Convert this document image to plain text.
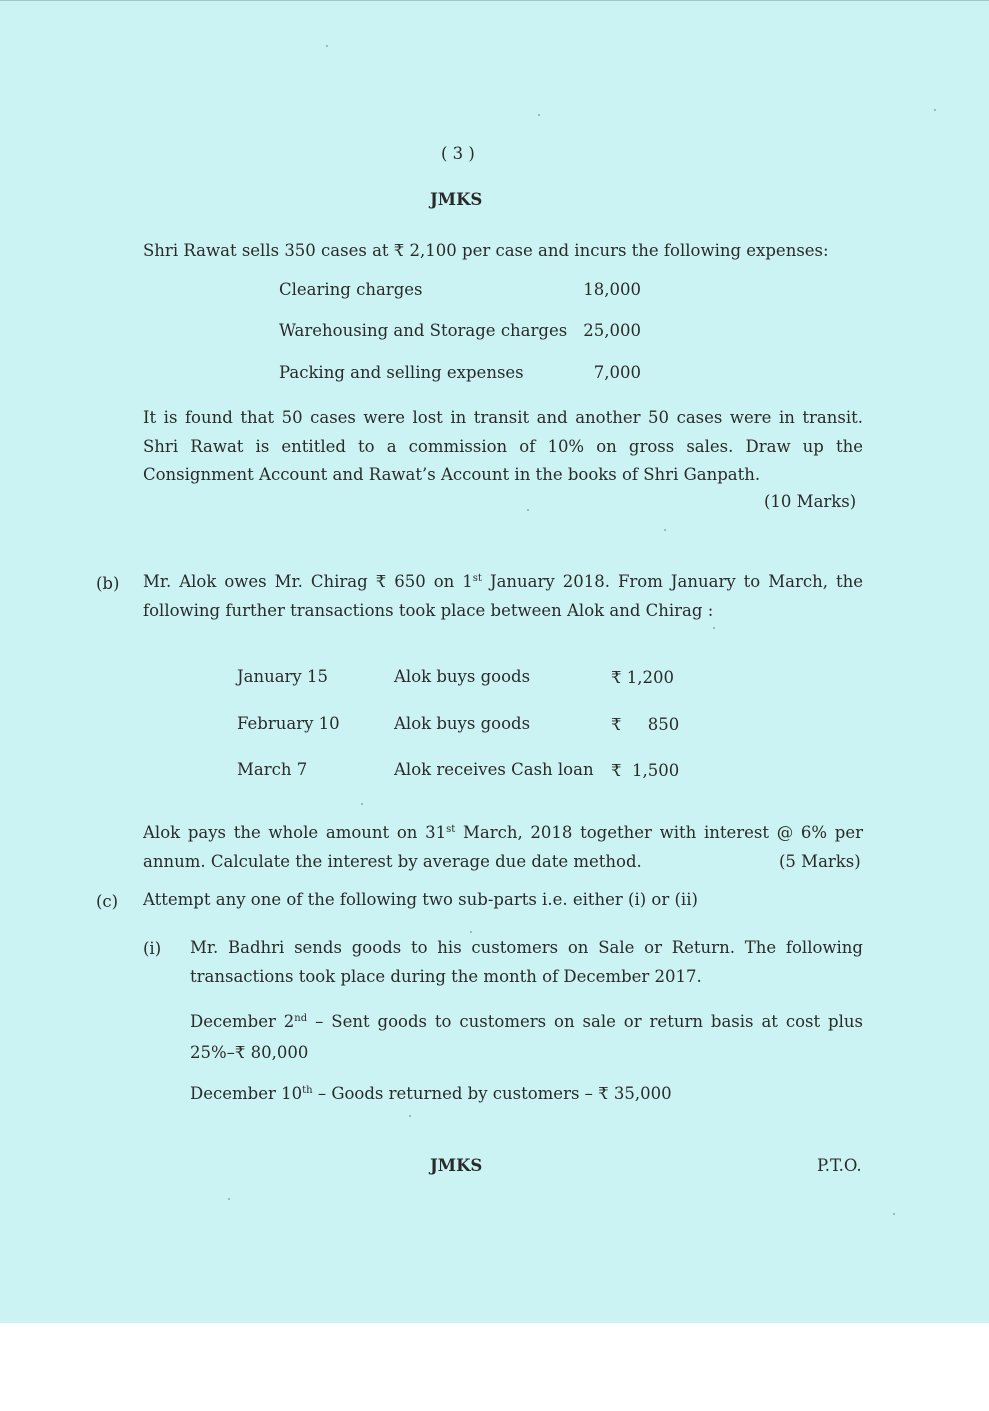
( 3 )
JMKS
Shri Rawat sells 350 cases at ₹ 2,100 per case and incurs the following expenses:
Clearing charges	18,000
Warehousing and Storage charges 25,000
Packing and selling expenses	7,000
It is found that 50 cases were lost in transit and another 50 cases were in transit. Shri Rawat is entitled to a commission of 10% on gross sales. Draw up the Consignment Account and Rawat’s Account in the books of Shri Ganpath.
(10 Marks)
(b) Mr. Alok owes Mr. Chirag ₹ 650 on 1st January 2018. From January to March, the following further transactions took place between Alok and Chirag :
January 15	Alok buys goods	₹ 1,200
February 10	Alok buys goods	₹     850
March 7	Alok receives Cash loan ₹  1,500
Alok pays the whole amount on 31st March, 2018 together with interest @ 6% per annum. Calculate the interest by average due date method.	(5 Marks)
(c) Attempt any one of the following two sub-parts i.e. either (i) or (ii)
(i) Mr. Badhri sends goods to his customers on Sale or Return. The following transactions took place during the month of December 2017.
December 2nd – Sent goods to customers on sale or return basis at cost plus 25%–₹ 80,000
December 10th – Goods returned by customers – ₹ 35,000
JMKS	P.T.O.
